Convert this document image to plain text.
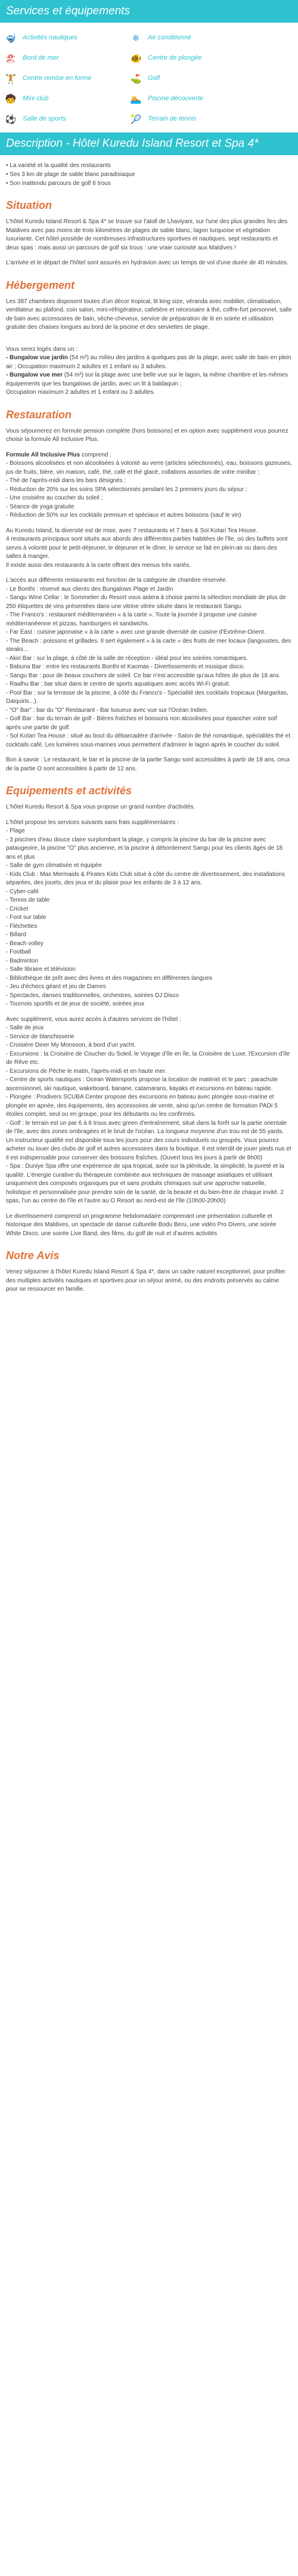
Services et équipements
🤿 Activités nautiques	❄	Air conditionné
🏖 Bord de mer	🐠 Centre de plongée
🏋 Centre remise en forme	⛳ Golf
🧒 Mini club	🏊 Piscine découverte
⚽ Salle de sports	🎾 Terrain de tennis
Description - Hôtel Kuredu Island Resort et Spa 4*
• La variété et la qualité des restaurants
• Ses 3 km de plage de sable blanc paradisiaque
• Son inattendu parcours de golf 6 trous
Situation

L'hôtel Kuredu Island Resort & Spa 4* se trouve sur l'atoll de Lhaviyani, sur l'une des plus grandes îles des Maldives avec pas moins de trois kilomètres de plages de sable blanc, lagon turquoise et végétation luxuriante. Cet hôtel possède de nombreuses infrastructures sportives et nautiques, sept restaurants et deux spas : mais aussi un parcours de golf six trous : une vraie curiosité aux Maldives !

L'arrivée et le départ de l'hôtel sont assurés en hydravion avec un temps de vol d'une durée de 40 minutes.

Hébergement

Les 387 chambres disposent toutes d'un décor tropical, lit king size, véranda avec mobilier, climatisation, ventilateur au plafond, coin salon, mini-réfrigérateur, cafetière et nécessaire à thé, coffre-fort personnel, salle de bain avec accessoires de bain, sèche-cheveux, service de préparation de lit en soirée et utilisation gratuite des chaises longues au bord de la piscine et des serviettes de plage.

Vous serez logés dans un :

- Bungalow vue jardin (54 m²) au milieu des jardins à quelques pas de la plage, avec salle de bain en plein air ; Occupation maximum 2 adultes et 1 enfant ou 3 adultes.

- Bungalow vue mer (54 m²) sur la plage avec une belle vue sur le lagon, la même chambre et les mêmes équipements que les bungalows de jardin, avec un lit à baldaquin ;

Occupation maximum 2 adultes et 1 enfant ou 3 adultes.

Restauration

Vous séjournerez en formule pension complète (hors boissons) et en option avec supplément vous pourrez choisir la formule All Inclusive Plus.

Formule All Inclusive Plus comprend :

- Boissons alcoolisées et non alcoolisées à volonté au verre (articles sélectionnés), eau, boissons gazeuses, jus de fruits, bière, vin maison, café, thé, café et thé glacé, collations assorties de votre minibar ;

- Thé de l'après-midi dans les bars désignés ;

- Réduction de 20% sur les soins SPA sélectionnés pendant les 2 premiers jours du séjour ;

- Une croisière au coucher du soleil ;

- Séance de yoga gratuite

- Réduction de 50% sur les cocktails premium et spéciaux et autres boissons (sauf le vin)

Au Kuredu Island, la diversité est de mise, avec 7 restaurants et 7 bars & Sol Kotari Tea House.

4 restaurants principaux sont situés aux abords des différentes parties habitées de l'île, où des buffets sont servis à volonté pour le petit-déjeuner, le déjeuner et le dîner, le service se fait en plein-air ou dans des salles à manger.

Il existe aussi des restaurants à la carte offrant des menus très variés.

L'accès aux différents restaurants est fonction de la catégorie de chambre réservée.

- Le Bonthi : réservé aux clients des Bungalows Plage et Jardin

- Sangu Wine Cellar : le Sommelier du Resort vous aidera à choisir parmi la sélection mondiale de plus de 250 étiquettes de vins présentées dans une vitrine vitrée située dans le restaurant Sangu.

- The Franco's : restaurant méditerranéen « à la carte ». Toute la journée il propose une cuisine méditerranéenne et pizzas, hamburgers et sandwichs.

- Far East : cuisine japonaise « à la carte » avec une grande diversité de cuisine d'Extrême-Orient.

- The Beach : poissons et grillades. Il sert également « à la carte » des fruits de mer locaux (langoustes, des steaks...

- Akiri Bar : sur la plage, à côté de la salle de réception - idéal pour les soirées romantiques.

- Babuna Bar : entre les restaurants Bonthi et Kaomas - Divertissements et musique disco.

- Sangu Bar : pour de beaux couchers de soleil. Ce bar n'est accessible qu'aux hôtes de plus de 18 ans.

- Raalhu Bar : bar situé dans le centre de sports aquatiques avec accès Wi-Fi gratuit.

- Pool Bar : sur la terrasse de la piscine, à côté du Franco's - Spécialité des cocktails tropicaux (Margaritas, Daiquiris...).

- "O" Bar" : bar du "O" Restaurant - Bar luxueux avec vue sur l'Océan Indien.

- Golf Bar : bar du terrain de golf - Bières fraîches et boissons non alcoolisées pour épancher votre soif après une partie de golf.

- Sol Kotari Tea House : situé au bout du débarcadère d'arrivée - Salon de thé romantique, spécialités thé et cocktails café. Les lumières sous-marines vous permettent d'admirer le lagon après le coucher du soleil.

Bon à savoir : Le restaurant, le bar et la piscine de la partie Sangu sont accessibles à partir de 18 ans, ceux de la partie O sont accessibles à partir de 12 ans.

Equipements et activités

L'hôtel Kuredu Resort & Spa vous propose un grand nombre d'activités.

L'hôtel propose les services suivants sans frais supplémentaires :

- Plage

- 3 piscines d'eau douce claire surplombant la plage, y compris la piscine du bar de la piscine avec pataugeoire, la piscine "O" plus ancienne, et la piscine à débordement Sangu pour les clients âgés de 18 ans et plus

- Salle de gym climatisée et équipée

- Kids Club : Max Mermaids & Pirates Kids Club situé à côté du centre de divertissement, des installations séparées, des jouets, des jeux et du plaisir pour les enfants de 3 à 12 ans.

- Cyber-café

- Tennis de table

- Cricket

- Foot sur table

- Fléchettes

- Billard

- Beach volley

- Football

- Badminton

- Salle libraire et télévision

- Bibliothèque de prêt avec des livres et des magazines en différentes langues

- Jeu d'échecs géant et jeu de Dames

- Spectacles, danses traditionnelles, orchestres, soirées DJ Disco

- Tournois sportifs et de jeux de société, soirées jeux

Avec supplément, vous aurez accès à d'autres services de l'hôtel :

- Salle de jeux

- Service de blanchisserie

- Croisière Diner My Monsoon, à bord d'un yacht.

- Excursions : la Croisière de Coucher du Soleil, le Voyage d'île en île, la Croisière de Luxe, l'Excursion d'île de Rêve etc.

- Excursions de Pêche le matin, l'après-midi et en haute mer.

- Centre de sports nautiques : Ocean Watersports propose la location de matériel et le parc : parachute ascensionnel, ski nautique, wakeboard, banane, catamarans, kayaks et excursions en bateau rapide.

- Plongée : Prodivers SCUBA Center propose des excursions en bateau avec plongée sous-marine et plongée en apnée, des équipements, des accessoires de vente, ainsi qu'un centre de formation PADI 5 étoiles complet, seul ou en groupe, pour les débutants ou les confirmés.

- Golf : le terrain est un par 6 à 6 trous avec green d'entraînement, situé dans la forêt sur la partie orientale de l'île, avec des zones ombragées et le bruit de l'océan. La longueur moyenne d'un trou est de 55 yards. Un instructeur qualifié est disponible tous les jours pour des cours individuels ou groupés. Vous pourrez acheter ou louer des clubs de golf et autres accessoires dans la boutique. Il est interdit de jouer pieds nus et il est indispensable pour conserver des boissons fraîches. (Ouvert tous les jours à partir de 8h00)

- Spa : Duniye Spa offre une expérience de spa tropical, axée sur la plénitude, la simplicité, la pureté et la qualité. L'énergie curative du thérapeute combinée aux techniques de massage asiatiques et utilisant uniquement des composés organiques pur et sans produits chimiques suit une approche naturelle, holistique et personnalisée pour prendre soin de la santé, de la beauté et du bien-être de chaque invité. 2 spas, l'un au centre de l'île et l'autre au O Resort au nord-est de l'île (10h00-20h00)

Le divertissement comprend un programme hebdomadaire comprenant une présentation culturelle et historique des Maldives, un spectacle de danse culturelle Bodu Beru, une vidéo Pro Divers, une soirée White Disco, une soirée Live Band, des films, du golf de nuit et d'autres activités

Notre Avis

Venez séjourner à l'hôtel Kuredu Island Resort & Spa 4*, dans un cadre naturel exceptionnel, pour profiter des multiples activités nautiques et sportives pour un séjour animé, ou des endroits préservés au calme pour se ressourcer en famille.
